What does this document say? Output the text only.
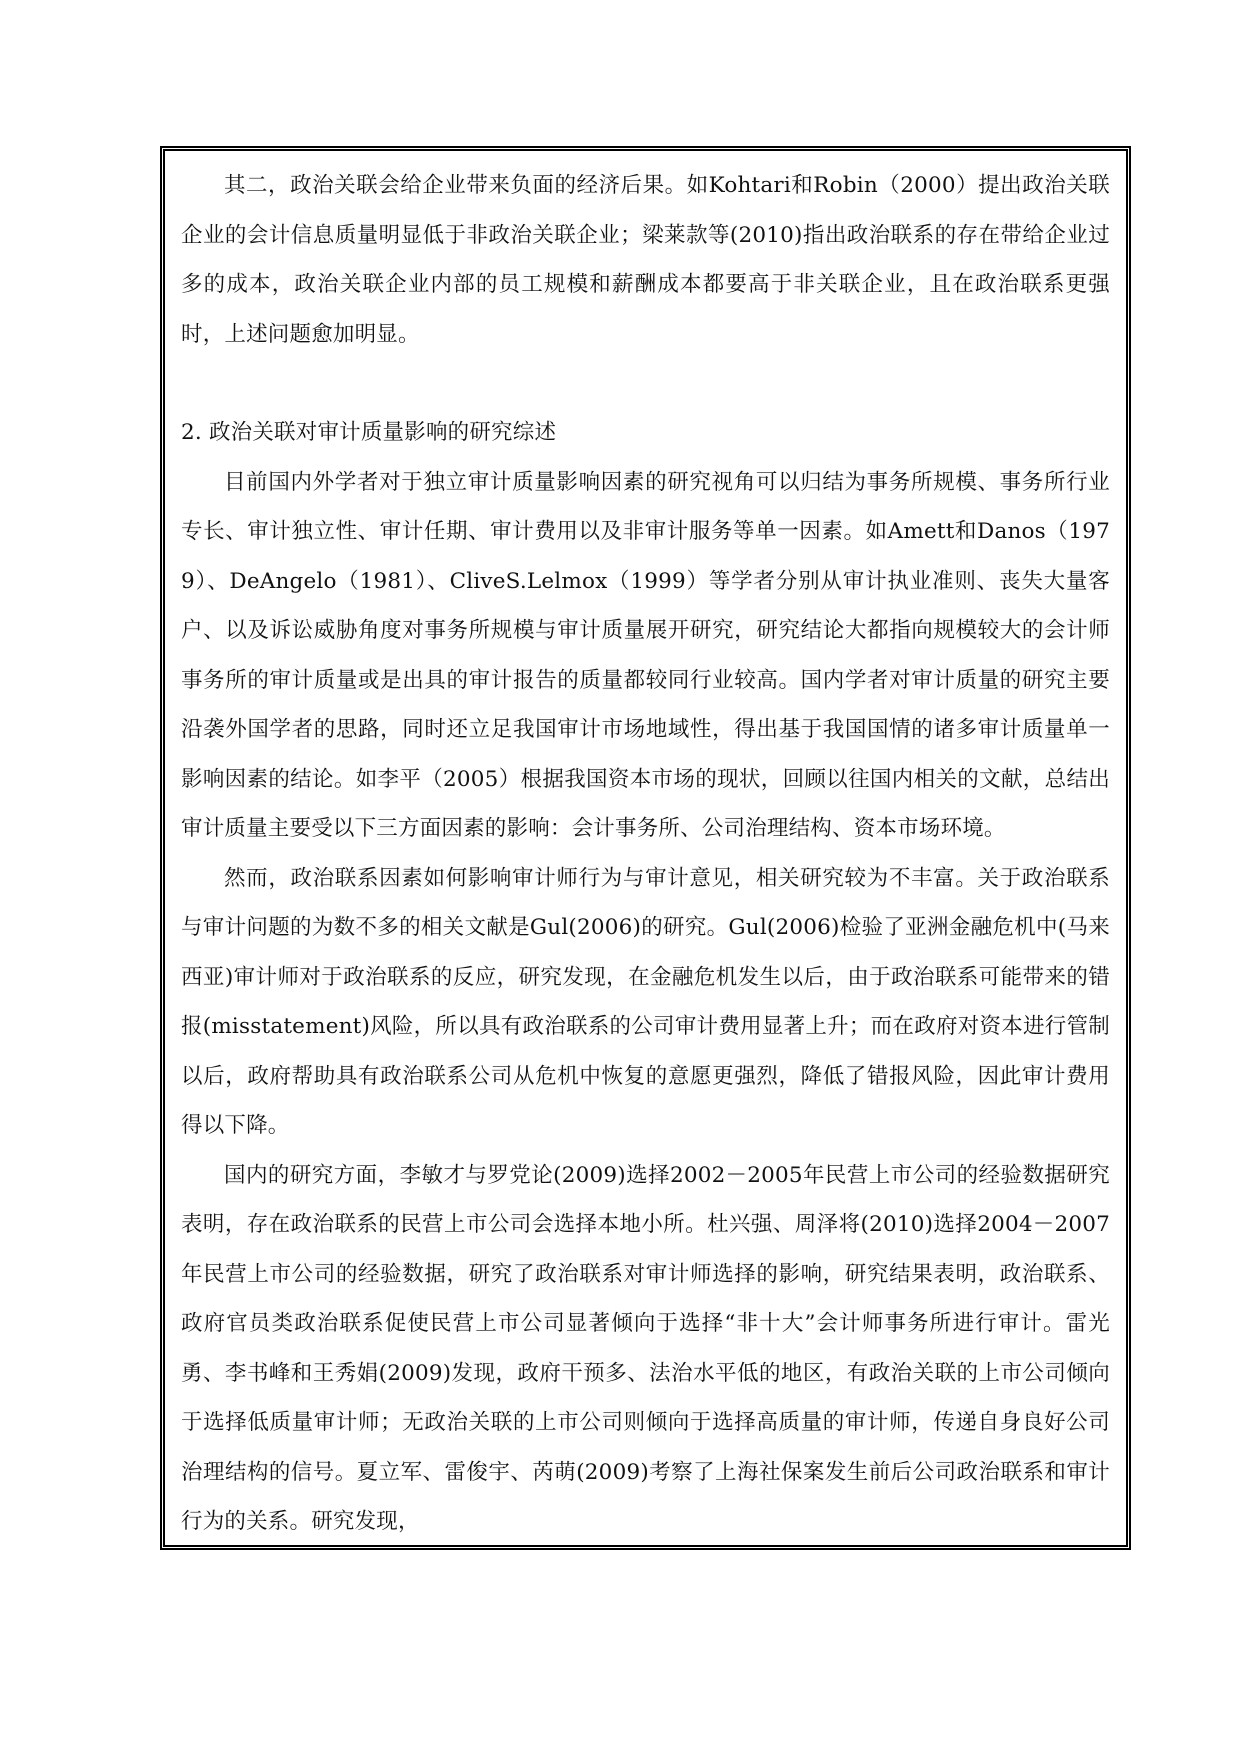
其二，政治关联会给企业带来负面的经济后果。如Kohtari和Robin（2000）提出政治关联企业的会计信息质量明显低于非政治关联企业；梁莱款等(2010)指出政治联系的存在带给企业过多的成本，政治关联企业内部的员工规模和薪酬成本都要高于非关联企业，且在政治联系更强时，上述问题愈加明显。

2. 政治关联对审计质量影响的研究综述

目前国内外学者对于独立审计质量影响因素的研究视角可以归结为事务所规模、事务所行业专长、审计独立性、审计任期、审计费用以及非审计服务等单一因素。如Amett和Danos（1979）、DeAngelo（1981）、CliveS.Lelmox（1999）等学者分别从审计执业准则、丧失大量客户、以及诉讼威胁角度对事务所规模与审计质量展开研究，研究结论大都指向规模较大的会计师事务所的审计质量或是出具的审计报告的质量都较同行业较高。国内学者对审计质量的研究主要沿袭外国学者的思路，同时还立足我国审计市场地域性，得出基于我国国情的诸多审计质量单一影响因素的结论。如李平（2005）根据我国资本市场的现状，回顾以往国内相关的文献，总结出审计质量主要受以下三方面因素的影响：会计事务所、公司治理结构、资本市场环境。

然而，政治联系因素如何影响审计师行为与审计意见，相关研究较为不丰富。关于政治联系与审计问题的为数不多的相关文献是Gul(2006)的研究。Gul(2006)检验了亚洲金融危机中(马来西亚)审计师对于政治联系的反应，研究发现，在金融危机发生以后，由于政治联系可能带来的错报(misstatement)风险，所以具有政治联系的公司审计费用显著上升；而在政府对资本进行管制以后，政府帮助具有政治联系公司从危机中恢复的意愿更强烈，降低了错报风险，因此审计费用得以下降。

国内的研究方面，李敏才与罗党论(2009)选择2002－2005年民营上市公司的经验数据研究表明，存在政治联系的民营上市公司会选择本地小所。杜兴强、周泽将(2010)选择2004－2007年民营上市公司的经验数据，研究了政治联系对审计师选择的影响，研究结果表明，政治联系、政府官员类政治联系促使民营上市公司显著倾向于选择“非十大”会计师事务所进行审计。雷光勇、李书峰和王秀娟(2009)发现，政府干预多、法治水平低的地区，有政治关联的上市公司倾向于选择低质量审计师；无政治关联的上市公司则倾向于选择高质量的审计师，传递自身良好公司治理结构的信号。夏立军、雷俊宇、芮萌(2009)考察了上海社保案发生前后公司政治联系和审计行为的关系。研究发现，
